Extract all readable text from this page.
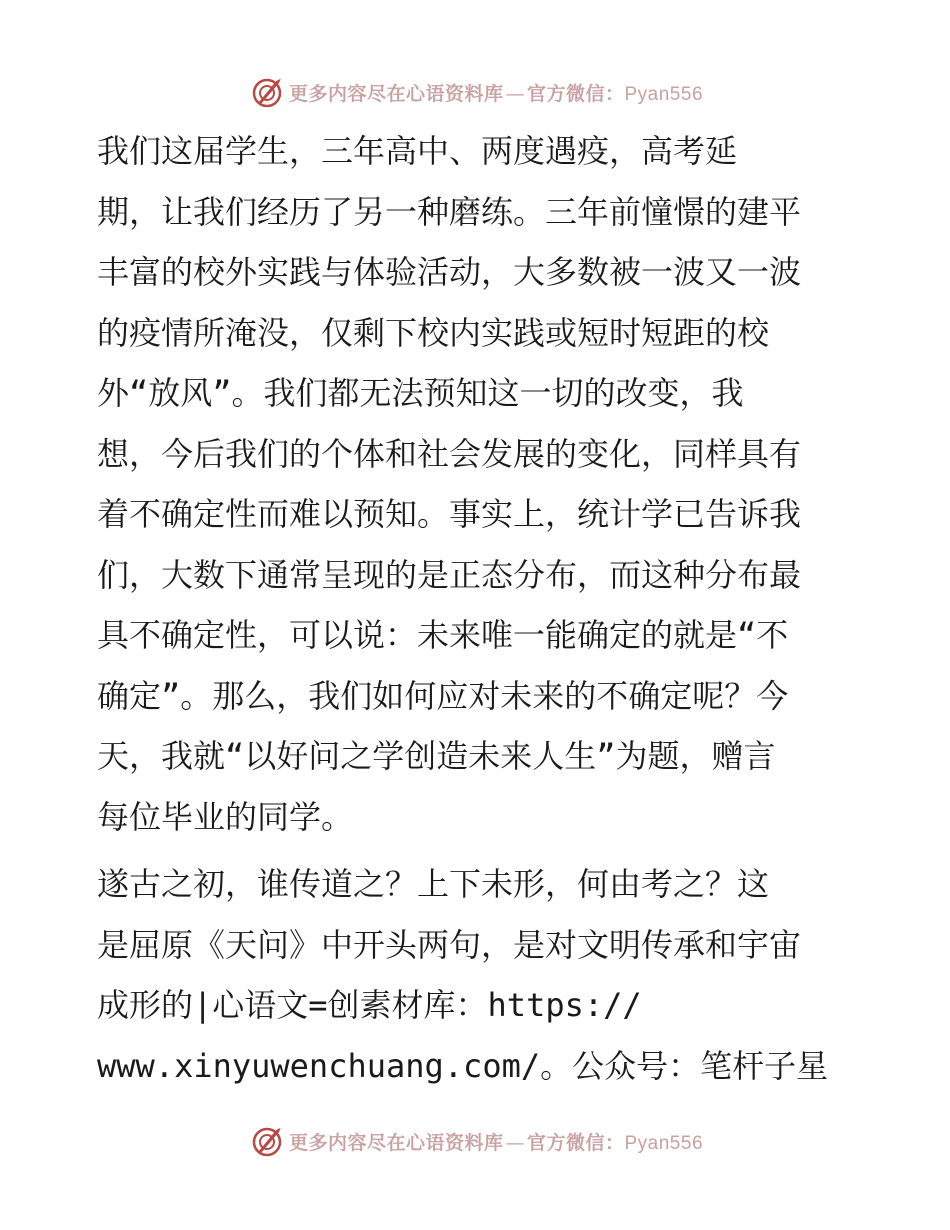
更多内容尽在心语资料库 — 官方微信：Pyan556
我们这届学生，三年高中、两度遇疫，高考延
期，让我们经历了另一种磨练。三年前憧憬的建平
丰富的校外实践与体验活动，大多数被一波又一波
的疫情所淹没，仅剩下校内实践或短时短距的校
外“放风”。我们都无法预知这一切的改变，我
想，今后我们的个体和社会发展的变化，同样具有
着不确定性而难以预知。事实上，统计学已告诉我
们，大数下通常呈现的是正态分布，而这种分布最
具不确定性，可以说：未来唯一能确定的就是“不
确定”。那么，我们如何应对未来的不确定呢？今
天，我就“以好问之学创造未来人生”为题，赠言
每位毕业的同学。
遂古之初，谁传道之？上下未形，何由考之？这
是屈原《天问》中开头两句，是对文明传承和宇宙
成形的|心语文=创素材库：https://
www.xinyuwenchuang.com/。公众号：笔杆子星
更多内容尽在心语资料库 — 官方微信：Pyan556
